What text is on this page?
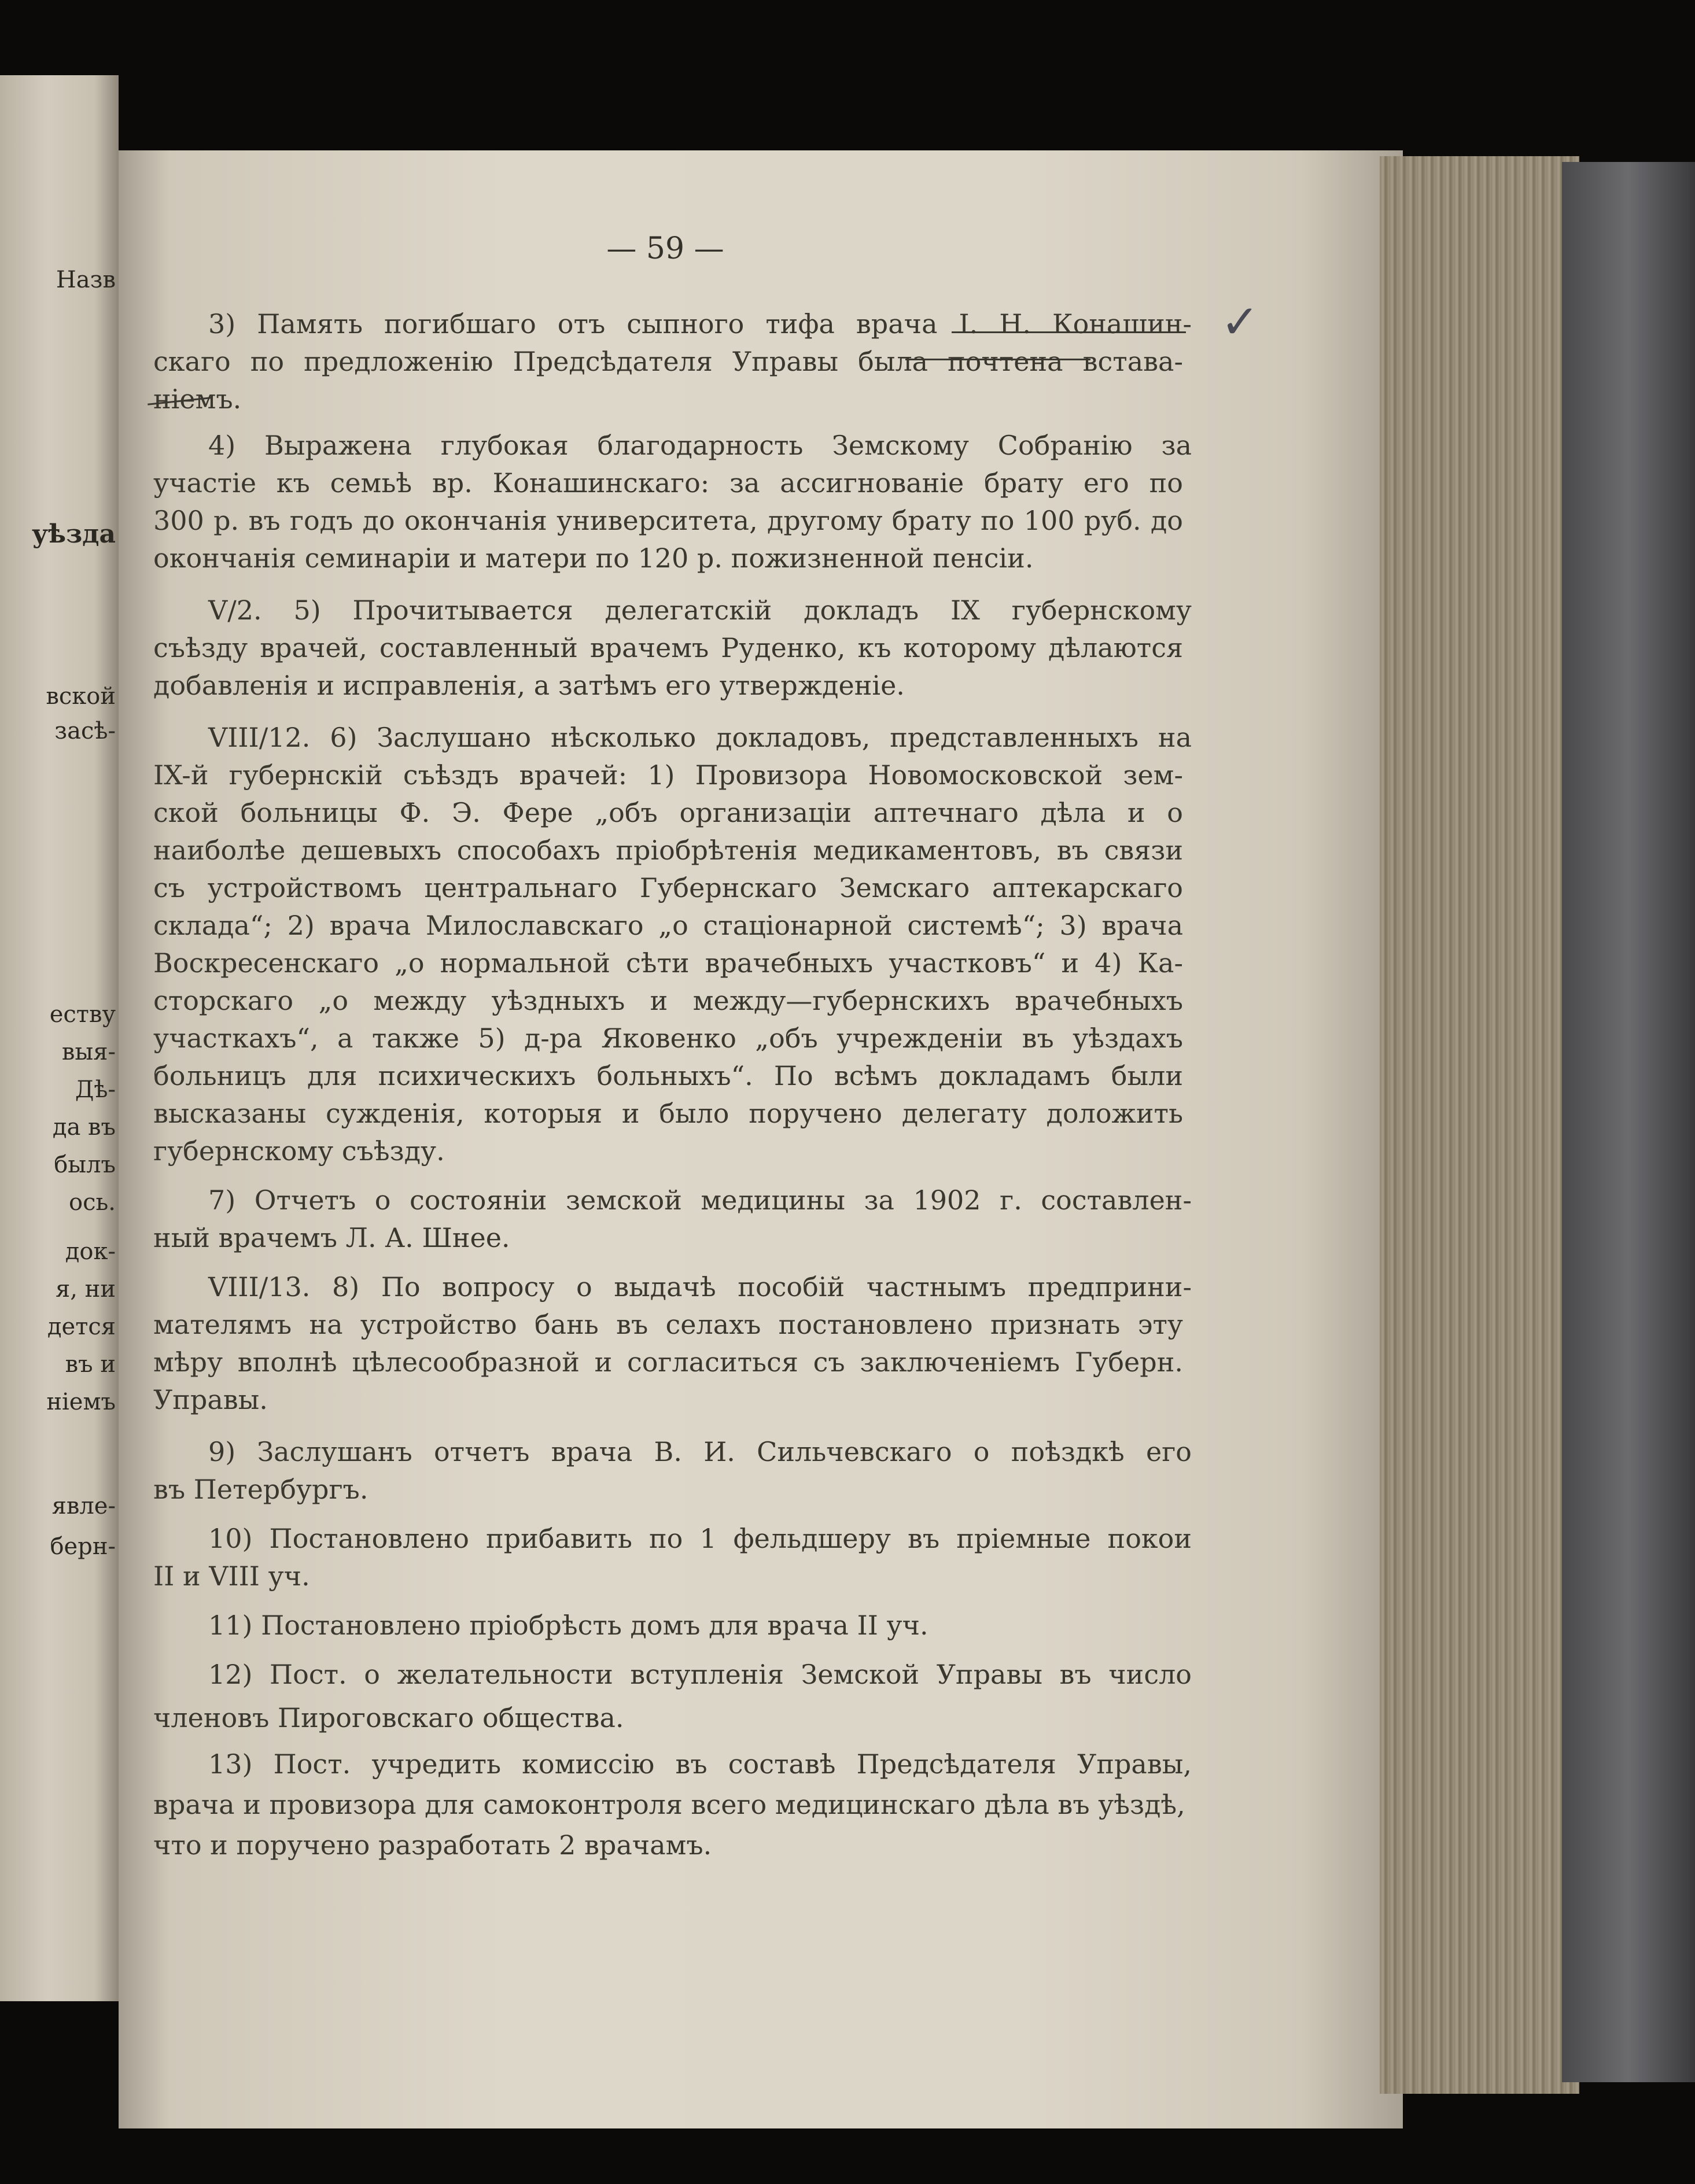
Назв
уѣзда
вской
засѣ-
еству
выя-
Дѣ-
да въ
былъ
ось.
док-
я, ни
дется
въ и
ніемъ
явле-
берн-
— 59 —
✓
3) Память погибшаго отъ сыпного тифа врача I. Н. Конашин-
скаго по предложенію Предсѣдателя Управы была почтена встава-
ніемъ.
4) Выражена глубокая благодарность Земскому Собранію за
участіе къ семьѣ вр. Конашинскаго: за ассигнованіе брату его по
300 р. въ годъ до окончанія университета, другому брату по 100 руб. до
окончанія семинаріи и матери по 120 р. пожизненной пенсіи.
V/2. 5) Прочитывается делегатскій докладъ IX губернскому
съѣзду врачей, составленный врачемъ Руденко, къ которому дѣлаются
добавленія и исправленія, а затѣмъ его утвержденіе.
VIII/12. 6) Заслушано нѣсколько докладовъ, представленныхъ на
IX-й губернскій съѣздъ врачей: 1) Провизора Новомосковской зем-
ской больницы Ф. Э. Фере „объ организаціи аптечнаго дѣла и о
наиболѣе дешевыхъ способахъ пріобрѣтенія медикаментовъ, въ связи
съ устройствомъ центральнаго Губернскаго Земскаго аптекарскаго
склада“; 2) врача Милославскаго „о стаціонарной системѣ“; 3) врача
Воскресенскаго „о нормальной сѣти врачебныхъ участковъ“ и 4) Ка-
сторскаго „о между уѣздныхъ и между—губернскихъ врачебныхъ
участкахъ“, а также 5) д-ра Яковенко „объ учрежденіи въ уѣздахъ
больницъ для психическихъ больныхъ“. По всѣмъ докладамъ были
высказаны сужденія, которыя и было поручено делегату доложить
губернскому съѣзду.
7) Отчетъ о состояніи земской медицины за 1902 г. составлен-
ный врачемъ Л. А. Шнее.
VIII/13. 8) По вопросу о выдачѣ пособій частнымъ предприни-
мателямъ на устройство бань въ селахъ постановлено признать эту
мѣру вполнѣ цѣлесообразной и согласиться съ заключеніемъ Губерн.
Управы.
9) Заслушанъ отчетъ врача В. И. Сильчевскаго о поѣздкѣ его
въ Петербургъ.
10) Постановлено прибавить по 1 фельдшеру въ пріемные покои
II и VIII уч.
11) Постановлено пріобрѣсть домъ для врача II уч.
12) Пост. о желательности вступленія Земской Управы въ число
членовъ Пироговскаго общества.
13) Пост. учредить комиссію въ составѣ Предсѣдателя Управы,
врача и провизора для самоконтроля всего медицинскаго дѣла въ уѣздѣ,
что и поручено разработать 2 врачамъ.
